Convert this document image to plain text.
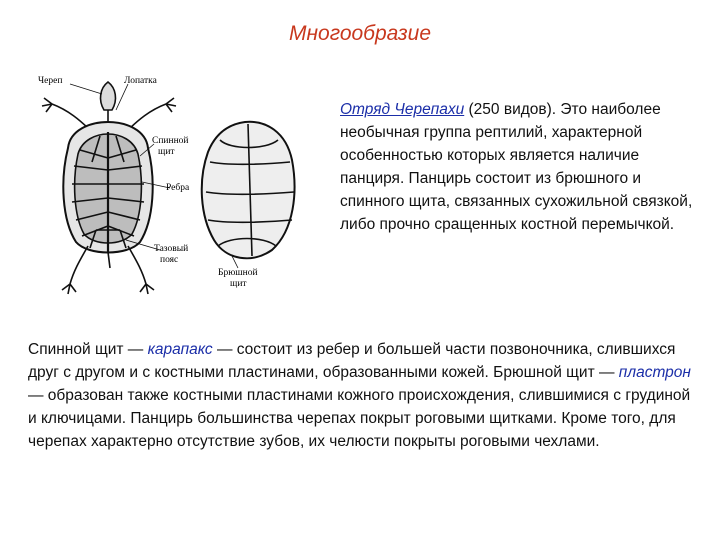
Многообразие
Череп	Лопатка
Спинной
щит
Ребра
Тазовый
пояс
Брюшной
щит
Отряд Черепахи (250 видов). Это наиболее необычная группа рептилий, характерной особенностью которых является наличие панциря. Панцирь состоит из брюшного и спинного щита, связанных сухожильной связкой, либо прочно сращенных костной перемычкой.
Спинной щит — карапакс — состоит из ребер и большей части позвоночника, слившихся друг с другом и с костными пластинами, образованными кожей. Брюшной щит — пластрон — образован также костными пластинами кожного происхождения, слившимися с грудиной и ключицами. Панцирь большинства черепах покрыт роговыми щитками. Кроме того, для черепах характерно отсутствие зубов, их челюсти покрыты роговыми чехлами.
